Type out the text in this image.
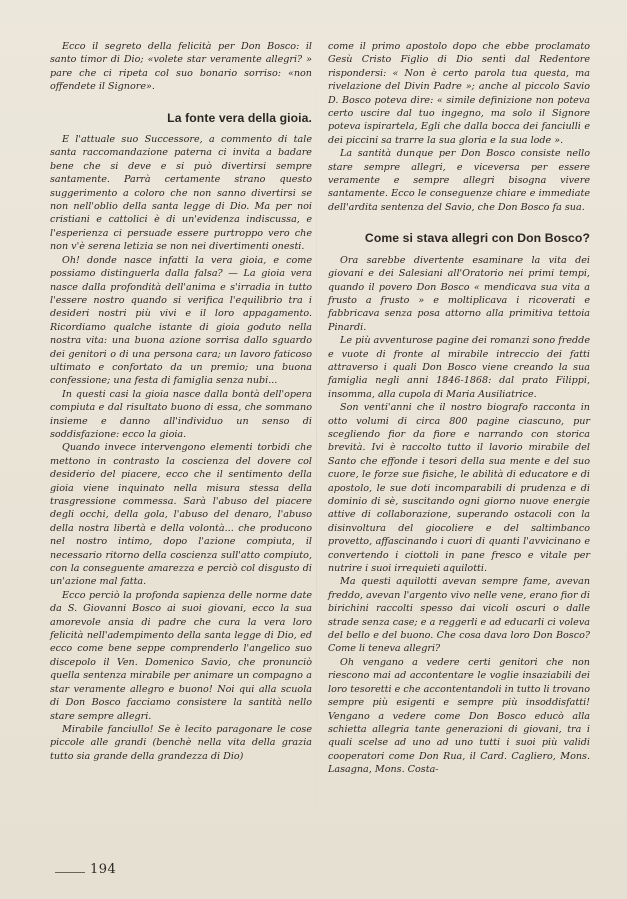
Ecco il segreto della felicità per Don Bosco: il santo timor di Dio; «volete star veramente allegri? » pare che ci ripeta col suo bonario sorriso: «non offendete il Signore».

La fonte vera della gioia.

E l'attuale suo Successore, a commento di tale santa raccomandazione paterna ci invita a badare bene che si deve e si può divertirsi sempre santamente. Parrà certamente strano questo suggerimento a coloro che non sanno divertirsi se non nell'oblio della santa legge di Dio. Ma per noi cristiani e cattolici è di un'evidenza indiscussa, e l'esperienza ci persuade essere purtroppo vero che non v'è serena letizia se non nei divertimenti onesti.

Oh! donde nasce infatti la vera gioia, e come possiamo distinguerla dalla falsa? — La gioia vera nasce dalla profondità dell'anima e s'irradia in tutto l'essere nostro quando si verifica l'equilibrio tra i desideri nostri più vivi e il loro appagamento. Ricordiamo qualche istante di gioia goduto nella nostra vita: una buona azione sorrisa dallo sguardo dei genitori o di una persona cara; un lavoro faticoso ultimato e confortato da un premio; una buona confessione; una festa di famiglia senza nubi...

In questi casi la gioia nasce dalla bontà dell'opera compiuta e dal risultato buono di essa, che sommano insieme e danno all'individuo un senso di soddisfazione: ecco la gioia.

Quando invece intervengono elementi torbidi che mettono in contrasto la coscienza del dovere col desiderio del piacere, ecco che il sentimento della gioia viene inquinato nella misura stessa della trasgressione commessa. Sarà l'abuso del piacere degli occhi, della gola, l'abuso del denaro, l'abuso della nostra libertà e della volontà... che producono nel nostro intimo, dopo l'azione compiuta, il necessario ritorno della coscienza sull'atto compiuto, con la conseguente amarezza e perciò col disgusto di un'azione mal fatta.

Ecco perciò la profonda sapienza delle norme date da S. Giovanni Bosco ai suoi giovani, ecco la sua amorevole ansia di padre che cura la vera loro felicità nell'adempimento della santa legge di Dio, ed ecco come bene seppe comprenderlo l'angelico suo discepolo il Ven. Domenico Savio, che pronunciò quella sentenza mirabile per animare un compagno a star veramente allegro e buono! Noi qui alla scuola di Don Bosco facciamo consistere la santità nello stare sempre allegri.

Mirabile fanciullo! Se è lecito paragonare le cose piccole alle grandi (benchè nella vita della grazia tutto sia grande della grandezza di Dio)

come il primo apostolo dopo che ebbe proclamato Gesù Cristo Figlio di Dio sentì dal Redentore rispondersi: « Non è certo parola tua questa, ma rivelazione del Divin Padre »; anche al piccolo Savio D. Bosco poteva dire: « simile definizione non poteva certo uscire dal tuo ingegno, ma solo il Signore poteva ispirartela, Egli che dalla bocca dei fanciulli e dei piccini sa trarre la sua gloria e la sua lode ».

La santità dunque per Don Bosco consiste nello stare sempre allegri, e viceversa per essere veramente e sempre allegri bisogna vivere santamente. Ecco le conseguenze chiare e immediate dell'ardita sentenza del Savio, che Don Bosco fa sua.

Come si stava allegri con Don Bosco?

Ora sarebbe divertente esaminare la vita dei giovani e dei Salesiani all'Oratorio nei primi tempi, quando il povero Don Bosco « mendicava sua vita a frusto a frusto » e moltiplicava i ricoverati e fabbricava senza posa attorno alla primitiva tettoia Pinardi.

Le più avventurose pagine dei romanzi sono fredde e vuote di fronte al mirabile intreccio dei fatti attraverso i quali Don Bosco viene creando la sua famiglia negli anni 1846-1868: dal prato Filippi, insomma, alla cupola di Maria Ausiliatrice.

Son venti'anni che il nostro biografo racconta in otto volumi di circa 800 pagine ciascuno, pur scegliendo fior da fiore e narrando con storica brevità. Ivi è raccolto tutto il lavorio mirabile del Santo che effonde i tesori della sua mente e del suo cuore, le forze sue fisiche, le abilità di educatore e di apostolo, le sue doti incomparabili di prudenza e di dominio di sè, suscitando ogni giorno nuove energie attive di collaborazione, superando ostacoli con la disinvoltura del giocoliere e del saltimbanco provetto, affascinando i cuori di quanti l'avvicinano e convertendo i ciottoli in pane fresco e vitale per nutrire i suoi irrequieti aquilotti.

Ma questi aquilotti avevan sempre fame, avevan freddo, avevan l'argento vivo nelle vene, erano fior di birichini raccolti spesso dai vicoli oscuri o dalle strade senza case; e a reggerli e ad educarli ci voleva del bello e del buono. Che cosa dava loro Don Bosco? Come li teneva allegri?

Oh vengano a vedere certi genitori che non riescono mai ad accontentare le voglie insaziabili dei loro tesoretti e che accontentandoli in tutto li trovano sempre più esigenti e sempre più insoddisfatti! Vengano a vedere come Don Bosco educò alla schietta allegria tante generazioni di giovani, tra i quali scelse ad uno ad uno tutti i suoi più validi cooperatori come Don Rua, il Card. Cagliero, Mons. Lasagna, Mons. Costa-

194
